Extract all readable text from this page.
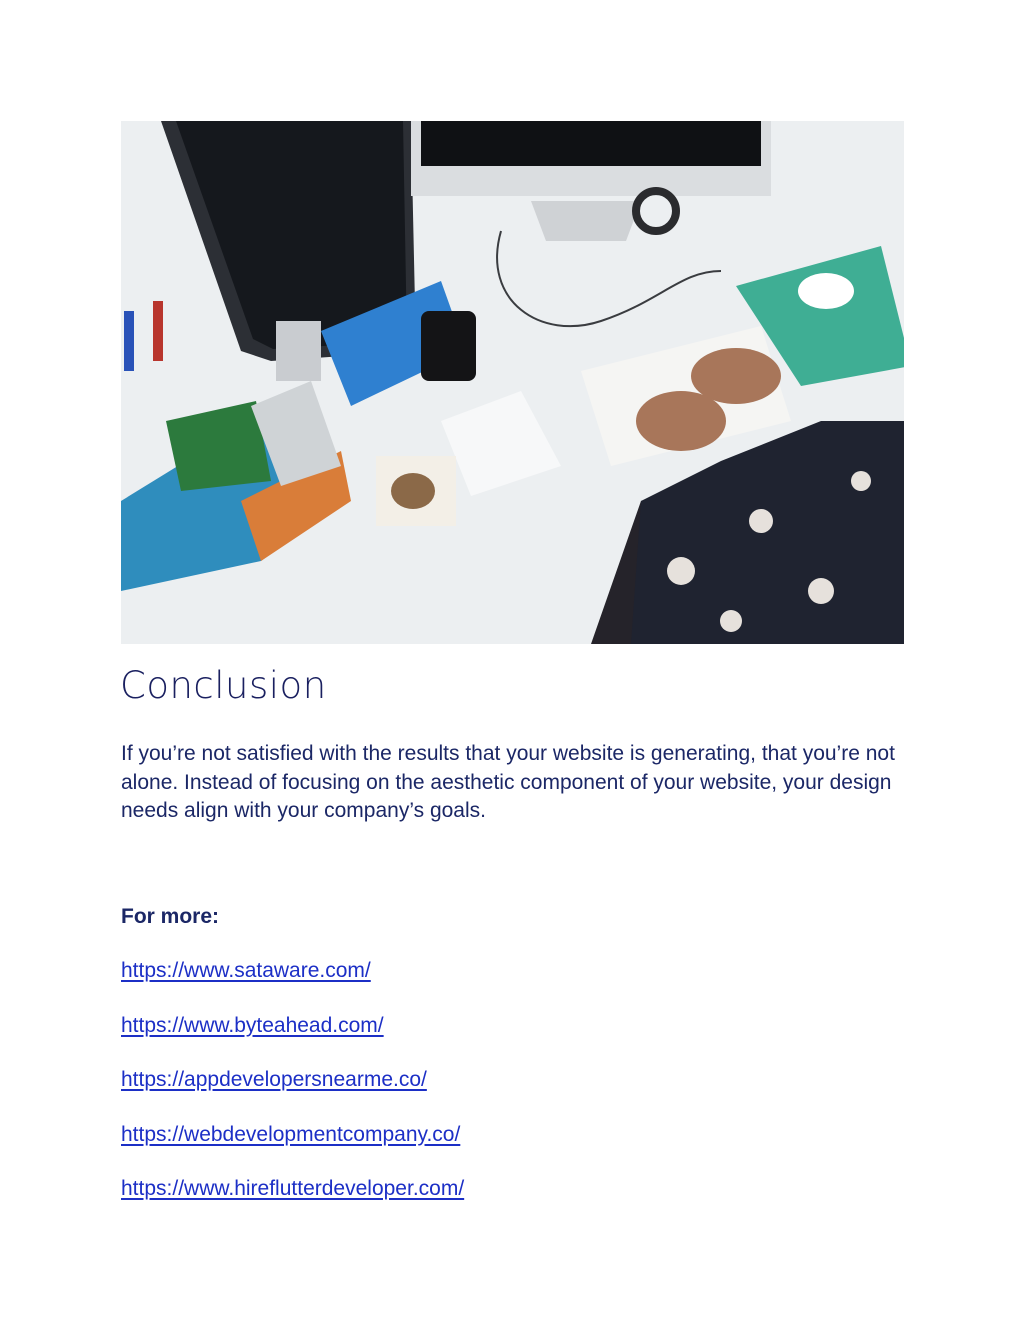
Conclusion

If you’re not satisfied with the results that your website is generating, that you’re not alone. Instead of focusing on the aesthetic component of your website, your design needs align with your company’s goals.

For more:

https://www.sataware.com/
https://www.byteahead.com/
https://appdevelopersnearme.co/
https://webdevelopmentcompany.co/
https://www.hireflutterdeveloper.com/
